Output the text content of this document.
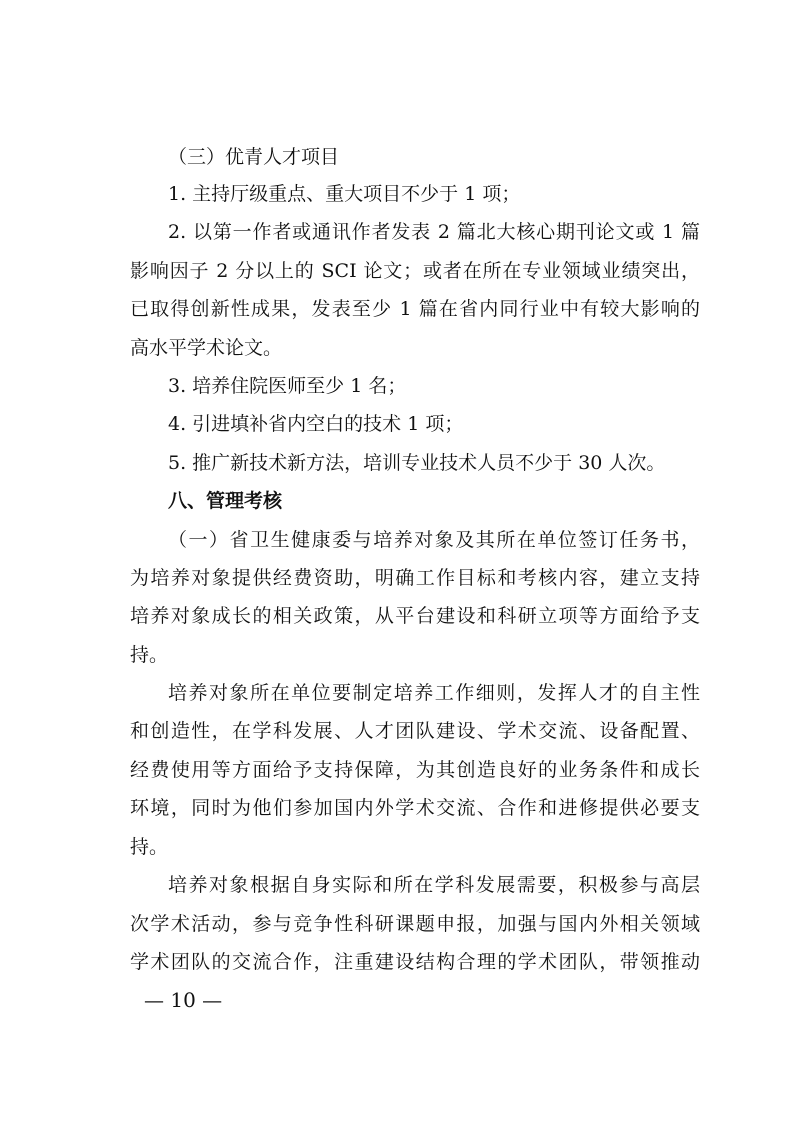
（三）优青人才项目
1. 主持厅级重点、重大项目不少于 1 项；
2. 以第一作者或通讯作者发表 2 篇北大核心期刊论文或 1 篇
影响因子 2 分以上的 SCI 论文；或者在所在专业领域业绩突出，
已取得创新性成果，发表至少 1 篇在省内同行业中有较大影响的
高水平学术论文。
3. 培养住院医师至少 1 名；
4. 引进填补省内空白的技术 1 项；
5. 推广新技术新方法，培训专业技术人员不少于 30 人次。
八、管理考核
（一）省卫生健康委与培养对象及其所在单位签订任务书，
为培养对象提供经费资助，明确工作目标和考核内容，建立支持
培养对象成长的相关政策，从平台建设和科研立项等方面给予支
持。
培养对象所在单位要制定培养工作细则，发挥人才的自主性
和创造性，在学科发展、人才团队建设、学术交流、设备配置、
经费使用等方面给予支持保障，为其创造良好的业务条件和成长
环境，同时为他们参加国内外学术交流、合作和进修提供必要支
持。
培养对象根据自身实际和所在学科发展需要，积极参与高层
次学术活动，参与竞争性科研课题申报，加强与国内外相关领域
学术团队的交流合作，注重建设结构合理的学术团队，带领推动
— 10 —
